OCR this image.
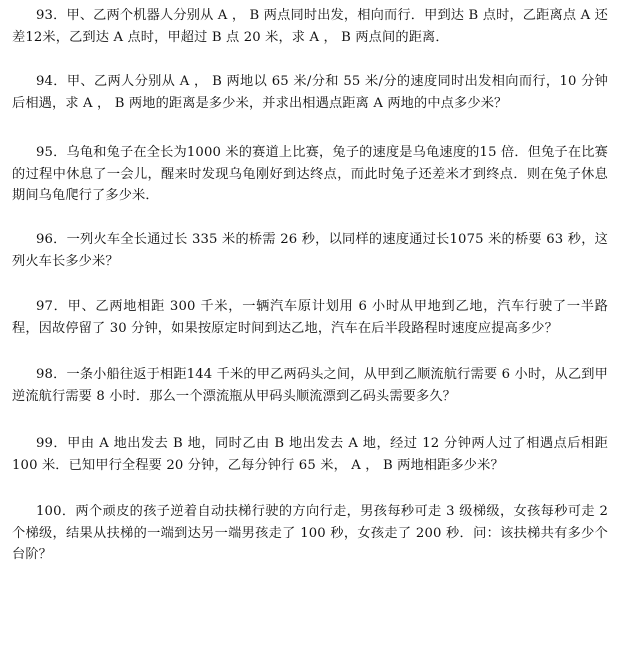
93．甲、乙两个机器人分别从 A ， B 两点同时出发，相向而行．甲到达 B 点时，乙距离点 A 还差12米，乙到达 A 点时，甲超过 B 点 20 米，求 A ， B 两点间的距离．

94．甲、乙两人分别从 A ， B 两地以 65 米/分和 55 米/分的速度同时出发相向而行，10 分钟后相遇，求 A ， B 两地的距离是多少米，并求出相遇点距离 A 两地的中点多少米？

95．乌龟和兔子在全长为1000 米的赛道上比赛，兔子的速度是乌龟速度的15 倍．但兔子在比赛的过程中休息了一会儿，醒来时发现乌龟刚好到达终点，而此时兔子还差米才到终点．则在兔子休息期间乌龟爬行了多少米．

96．一列火车全长通过长 335 米的桥需 26 秒，以同样的速度通过长1075 米的桥要 63 秒，这列火车长多少米？

97．甲、乙两地相距 300 千米，一辆汽车原计划用 6 小时从甲地到乙地，汽车行驶了一半路程，因故停留了 30 分钟，如果按原定时间到达乙地，汽车在后半段路程时速度应提高多少？

98．一条小船往返于相距144 千米的甲乙两码头之间，从甲到乙顺流航行需要 6 小时，从乙到甲逆流航行需要 8 小时．那么一个漂流瓶从甲码头顺流漂到乙码头需要多久？

99．甲由 A 地出发去 B 地，同时乙由 B 地出发去 A 地，经过 12 分钟两人过了相遇点后相距 100 米．已知甲行全程要 20 分钟，乙每分钟行 65 米， A ， B 两地相距多少米？

100．两个顽皮的孩子逆着自动扶梯行驶的方向行走，男孩每秒可走 3 级梯级，女孩每秒可走 2 个梯级，结果从扶梯的一端到达另一端男孩走了 100 秒，女孩走了 200 秒．问：该扶梯共有多少个台阶？
